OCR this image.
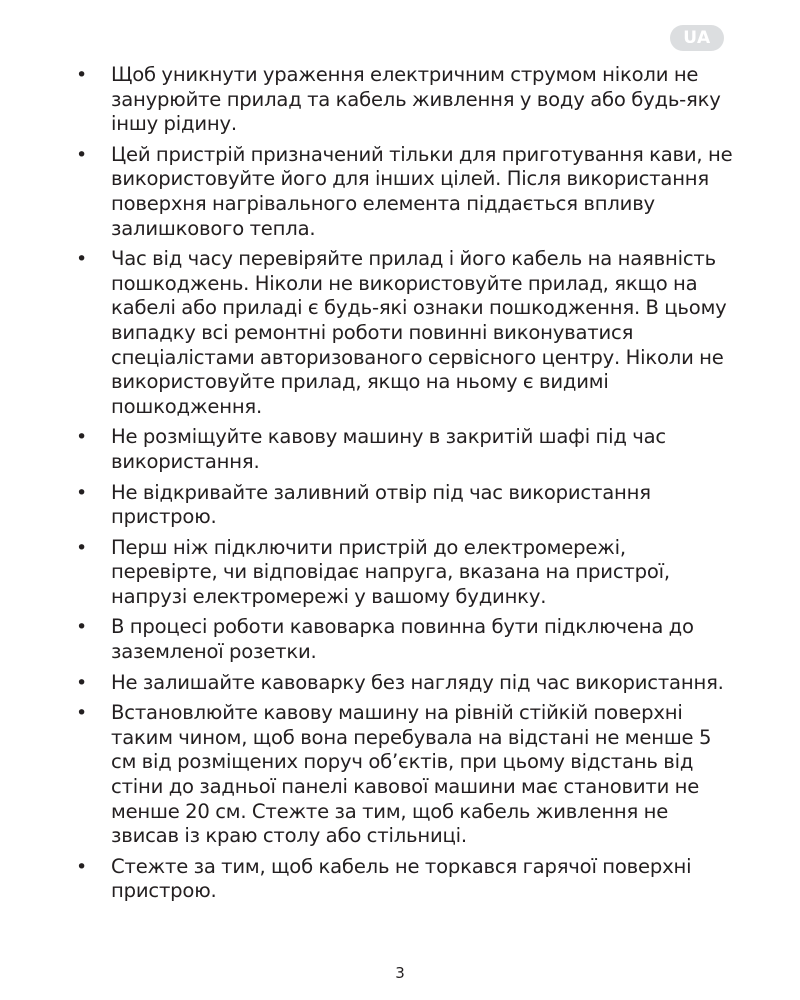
UA
• Щоб уникнути ураження електричним струмом ніколи не занурюйте прилад та кабель живлення у воду або будь-яку іншу рідину.
• Цей пристрій призначений тільки для приготування кави, не використовуйте його для інших цілей. Після використання поверхня нагрівального елемента піддається впливу залишкового тепла.
• Час від часу перевіряйте прилад і його кабель на наявність пошкоджень. Ніколи не використовуйте прилад, якщо на кабелі або приладі є будь-які ознаки пошкодження. В цьому випадку всі ремонтні роботи повинні виконуватися спеціалістами авторизованого сервісного центру. Ніколи не використовуйте прилад, якщо на ньому є видимі пошкодження.
• Не розміщуйте кавову машину в закритій шафі під час використання.
• Не відкривайте заливний отвір під час використання пристрою.
• Перш ніж підключити пристрій до електромережі, перевірте, чи відповідає напруга, вказана на пристрої, напрузі електромережі у вашому будинку.
• В процесі роботи кавоварка повинна бути підключена до заземленої розетки.
• Не залишайте кавоварку без нагляду під час використання.
• Встановлюйте кавову машину на рівній стійкій поверхні таким чином, щоб вона перебувала на відстані не менше 5 см від розміщених поруч об’єктів, при цьому відстань від стіни до задньої панелі кавової машини має становити не менше 20 см. Стежте за тим, щоб кабель живлення не звисав із краю столу або стільниці.
• Стежте за тим, щоб кабель не торкався гарячої поверхні пристрою.
3
